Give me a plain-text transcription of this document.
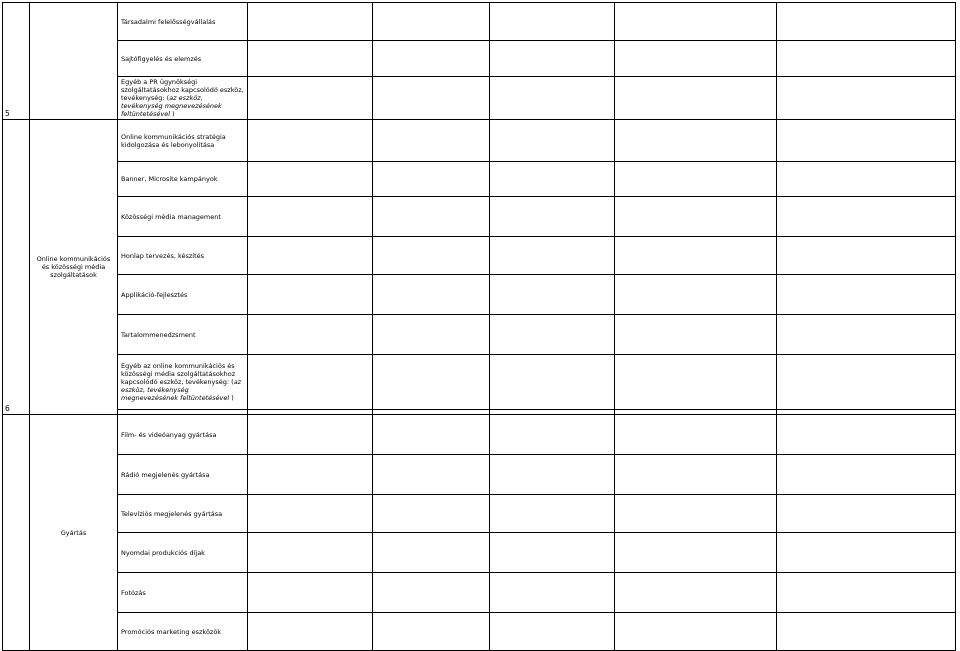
5		Társadalmi felelősségvállalás					
		Sajtófigyelés és elemzés					
		Egyéb a PR ügynökségi szolgáltatásokhoz kapcsolódó eszköz, tevékenység: (az eszköz, tevékenység megnevezésének feltüntetésével )					
6	Online kommunikációs és közösségi média szolgáltatások	Online kommunikációs stratégia kidolgozása és lebonyolítása					
		Banner, Microsite kampányok					
		Közösségi média management					
		Honlap tervezés, készítés					
		Applikáció-fejlesztés					
		Tartalommenedzsment					
		Egyéb az online kommunikációs és közösségi média szolgáltatásokhoz kapcsolódó eszköz, tevékenység: (az eszköz, tevékenység megnevezésének feltüntetésével )					

	Gyártás	Film- és videóanyag gyártása					
		Rádió megjelenés gyártása					
		Televíziós megjelenés gyártása					
		Nyomdai produkciós díjak					
		Fotózás					
		Promóciós marketing eszközök					
